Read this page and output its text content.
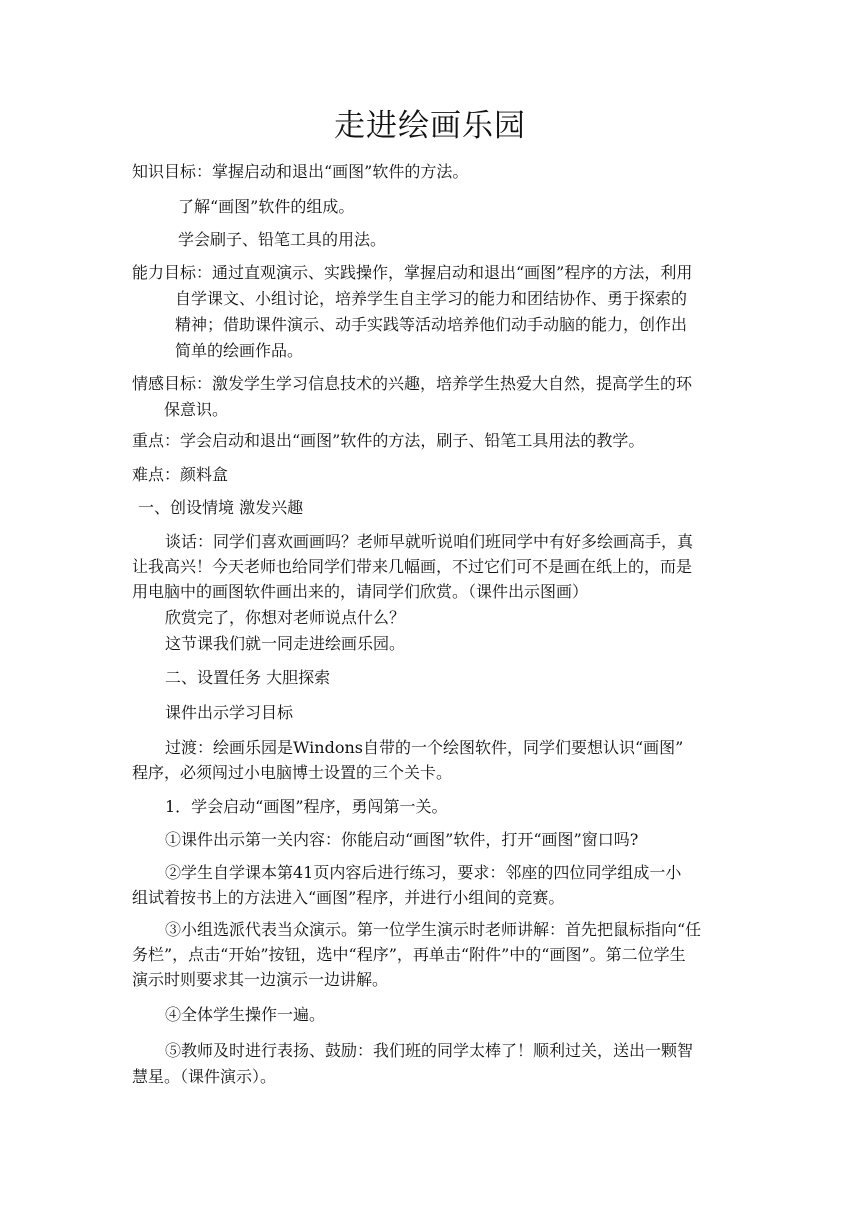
走进绘画乐园
知识目标：掌握启动和退出“画图”软件的方法。
了解“画图”软件的组成。
学会刷子、铅笔工具的用法。
能力目标：通过直观演示、实践操作，掌握启动和退出“画图”程序的方法，利用
自学课文、小组讨论，培养学生自主学习的能力和团结协作、勇于探索的
精神；借助课件演示、动手实践等活动培养他们动手动脑的能力，创作出
简单的绘画作品。
情感目标：激发学生学习信息技术的兴趣，培养学生热爱大自然，提高学生的环
保意识。
重点：学会启动和退出“画图”软件的方法，刷子、铅笔工具用法的教学。
难点：颜料盒
一、创设情境 激发兴趣
谈话：同学们喜欢画画吗？老师早就听说咱们班同学中有好多绘画高手，真
让我高兴！今天老师也给同学们带来几幅画，不过它们可不是画在纸上的，而是
用电脑中的画图软件画出来的，请同学们欣赏。（课件出示图画）
欣赏完了，你想对老师说点什么？
这节课我们就一同走进绘画乐园。
二、设置任务 大胆探索
课件出示学习目标
过渡：绘画乐园是Windons自带的一个绘图软件，同学们要想认识“画图”
程序，必须闯过小电脑博士设置的三个关卡。
1．学会启动“画图”程序，勇闯第一关。
①课件出示第一关内容：你能启动“画图”软件，打开“画图”窗口吗?
②学生自学课本第41页内容后进行练习，要求：邻座的四位同学组成一小
组试着按书上的方法进入“画图”程序，并进行小组间的竞赛。
③小组选派代表当众演示。第一位学生演示时老师讲解：首先把鼠标指向“任
务栏”，点击“开始”按钮，选中“程序”，再单击“附件”中的“画图”。第二位学生
演示时则要求其一边演示一边讲解。
④全体学生操作一遍。
⑤教师及时进行表扬、鼓励：我们班的同学太棒了！顺利过关，送出一颗智
慧星。（课件演示）。
